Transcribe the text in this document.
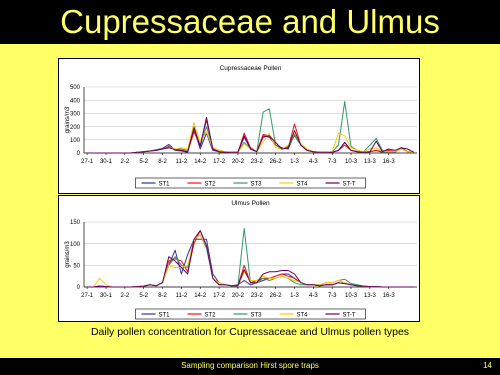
Cupressaceae and Ulmus
Cupressaceae Pollen
0
100
200
300
400
500
grains/m3
27-1 30-1 2-2 5-2 8-2 11-2 14-2 17-2 20-2 23-2 26-2 1-3 4-3 7-3 10-3 13-3 16-3
ST1	ST2	ST3	ST4	ST-T
Ulmus Pollen
0
50
100
150
grains/m3
27-1 30-1 2-2 5-2 8-2 11-2 14-2 17-2 20-2 23-2 26-2 1-3 4-3 7-3 10-3 13-3 16-3
ST1	ST2	ST3	ST4	ST-T
Daily pollen concentration for Cupressaceae and Ulmus pollen types
Sampling comparison Hirst spore traps	14
